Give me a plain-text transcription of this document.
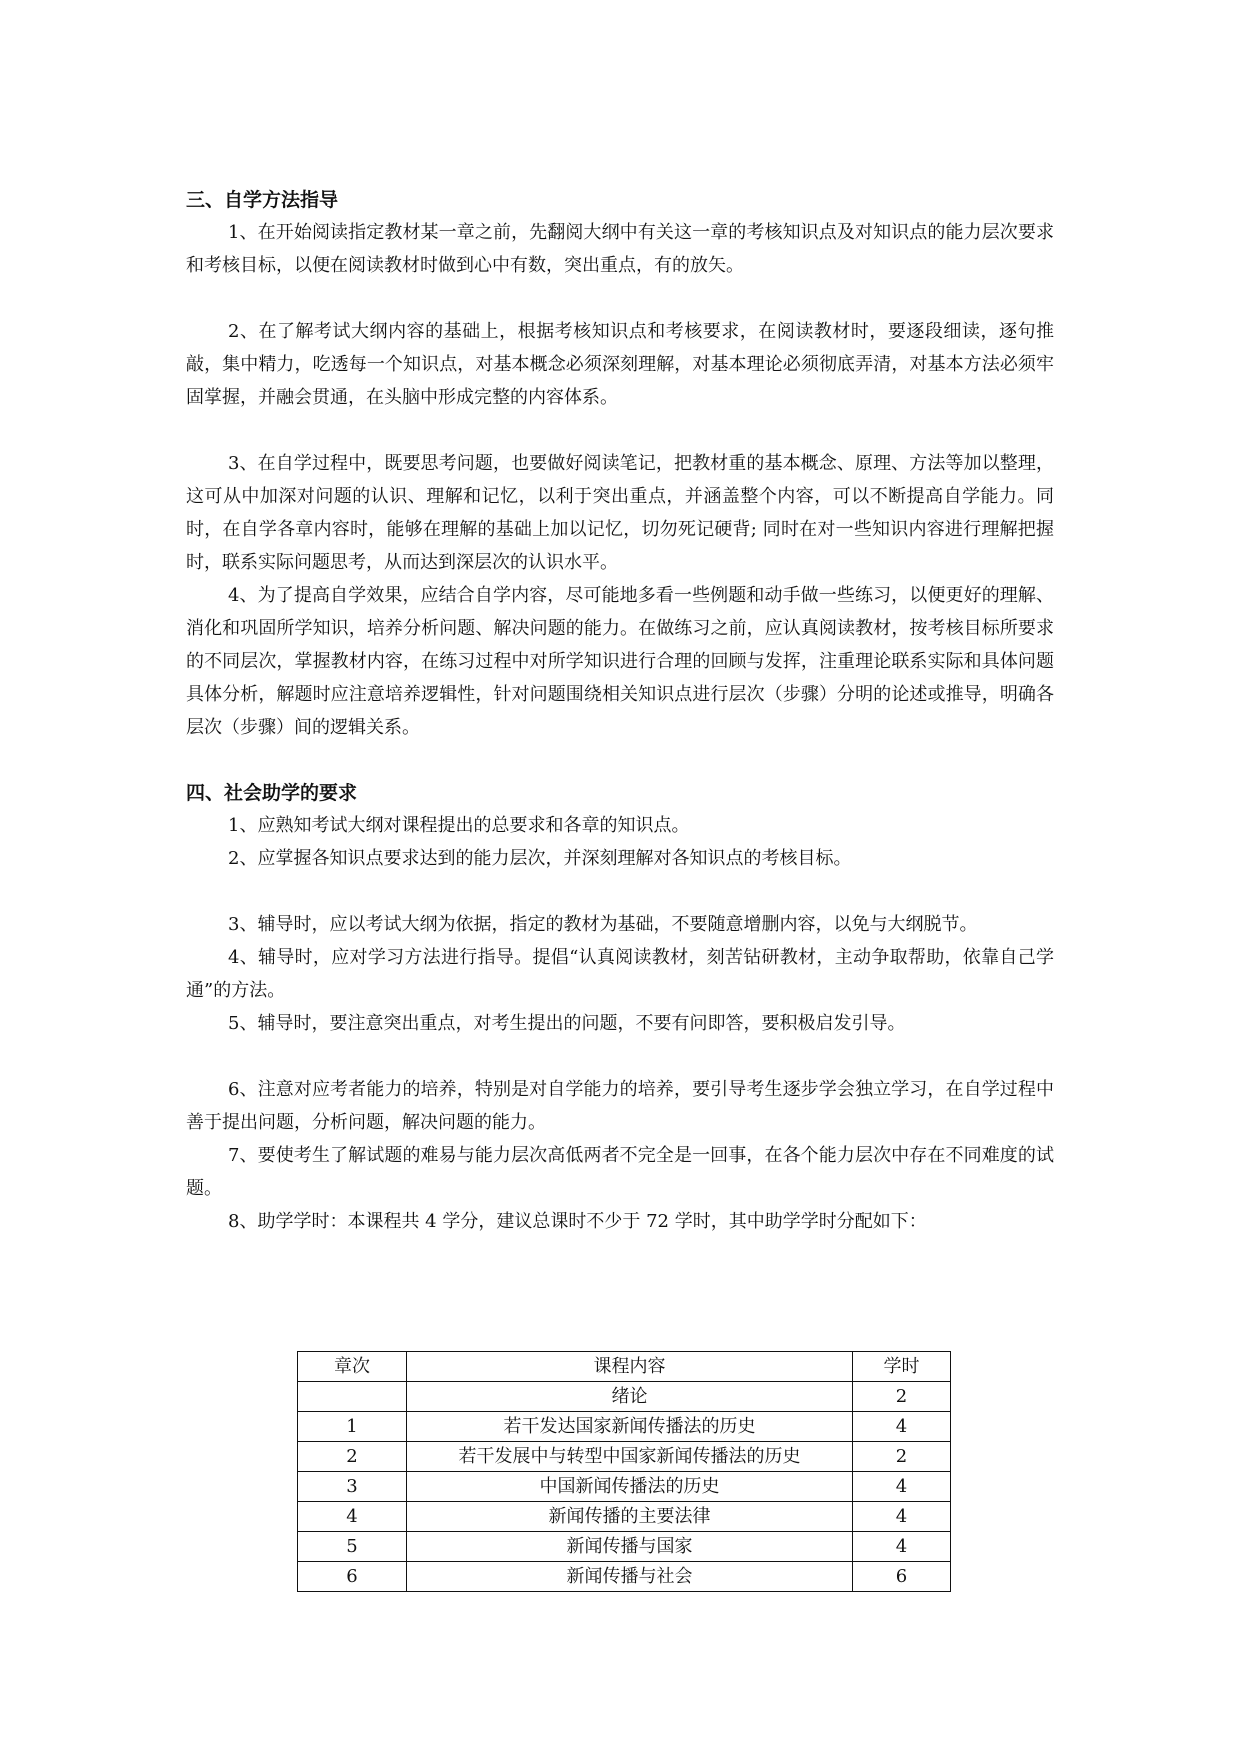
三、自学方法指导

1、在开始阅读指定教材某一章之前，先翻阅大纲中有关这一章的考核知识点及对知识点的能力层次要求和考核目标，以便在阅读教材时做到心中有数，突出重点，有的放矢。

2、在了解考试大纲内容的基础上，根据考核知识点和考核要求，在阅读教材时，要逐段细读，逐句推敲，集中精力，吃透每一个知识点，对基本概念必须深刻理解，对基本理论必须彻底弄清，对基本方法必须牢固掌握，并融会贯通，在头脑中形成完整的内容体系。

3、在自学过程中，既要思考问题，也要做好阅读笔记，把教材重的基本概念、原理、方法等加以整理，这可从中加深对问题的认识、理解和记忆，以利于突出重点，并涵盖整个内容，可以不断提高自学能力。同时，在自学各章内容时，能够在理解的基础上加以记忆，切勿死记硬背; 同时在对一些知识内容进行理解把握时，联系实际问题思考，从而达到深层次的认识水平。

4、为了提高自学效果，应结合自学内容，尽可能地多看一些例题和动手做一些练习，以便更好的理解、消化和巩固所学知识，培养分析问题、解决问题的能力。在做练习之前，应认真阅读教材，按考核目标所要求的不同层次，掌握教材内容，在练习过程中对所学知识进行合理的回顾与发挥，注重理论联系实际和具体问题具体分析，解题时应注意培养逻辑性，针对问题围绕相关知识点进行层次（步骤）分明的论述或推导，明确各层次（步骤）间的逻辑关系。

四、社会助学的要求

1、应熟知考试大纲对课程提出的总要求和各章的知识点。

2、应掌握各知识点要求达到的能力层次，并深刻理解对各知识点的考核目标。

3、辅导时，应以考试大纲为依据，指定的教材为基础，不要随意增删内容，以免与大纲脱节。

4、辅导时，应对学习方法进行指导。提倡“认真阅读教材，刻苦钻研教材，主动争取帮助，依靠自己学通”的方法。

5、辅导时，要注意突出重点，对考生提出的问题，不要有问即答，要积极启发引导。

6、注意对应考者能力的培养，特别是对自学能力的培养，要引导考生逐步学会独立学习，在自学过程中善于提出问题，分析问题，解决问题的能力。

7、要使考生了解试题的难易与能力层次高低两者不完全是一回事，在各个能力层次中存在不同难度的试题。

8、助学学时：本课程共 4 学分，建议总课时不少于 72 学时，其中助学学时分配如下：

章次	课程内容	学时
	绪论	2
1	若干发达国家新闻传播法的历史	4
2	若干发展中与转型中国家新闻传播法的历史	2
3	中国新闻传播法的历史	4
4	新闻传播的主要法律	4
5	新闻传播与国家	4
6	新闻传播与社会	6
